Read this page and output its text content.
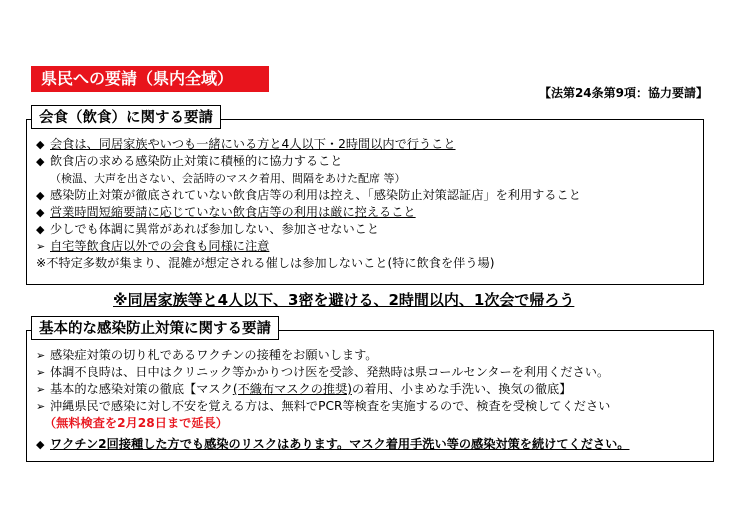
県民への要請（県内全域）
【法第24条第9項：協力要請】
会食（飲食）に関する要請
◆ 会食は、同居家族やいつも一緒にいる方と4人以下・2時間以内で行うこと
◆ 飲食店の求める感染防止対策に積極的に協力すること
（検温、大声を出さない、会話時のマスク着用、間隔をあけた配席 等）
◆ 感染防止対策が徹底されていない飲食店等の利用は控え、「感染防止対策認証店」を利用すること
◆ 営業時間短縮要請に応じていない飲食店等の利用は厳に控えること
◆ 少しでも体調に異常があれば参加しない、参加させないこと
➢ 自宅等飲食店以外での会食も同様に注意
※不特定多数が集まり、混雑が想定される催しは参加しないこと(特に飲食を伴う場)
※同居家族等と4人以下、3密を避ける、2時間以内、1次会で帰ろう
基本的な感染防止対策に関する要請
➢ 感染症対策の切り札であるワクチンの接種をお願いします。
➢ 体調不良時は、日中はクリニック等かかりつけ医を受診、発熱時は県コールセンターを利用ください。
➢ 基本的な感染対策の徹底【マスク(不織布マスクの推奨)の着用、小まめな手洗い、換気の徹底】
➢ 沖縄県民で感染に対し不安を覚える方は、無料でPCR等検査を実施するので、検査を受検してください
（無料検査を2月28日まで延長）
◆ ワクチン2回接種した方でも感染のリスクはあります。マスク着用手洗い等の感染対策を続けてください。
